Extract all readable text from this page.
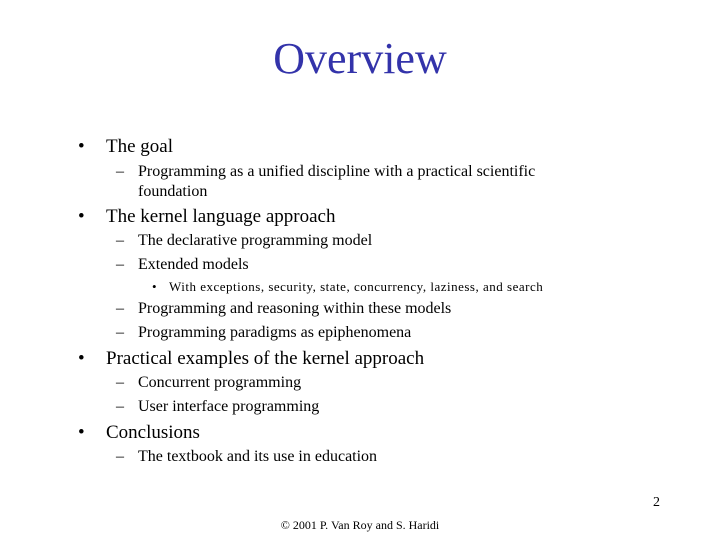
Overview
• The goal
– Programming as a unified discipline with a practical scientific
foundation
• The kernel language approach
– The declarative programming model
– Extended models
• With exceptions, security, state, concurrency, laziness, and search
– Programming and reasoning within these models
– Programming paradigms as epiphenomena
• Practical examples of the kernel approach
– Concurrent programming
– User interface programming
• Conclusions
– The textbook and its use in education
2
© 2001 P. Van Roy and S. Haridi
